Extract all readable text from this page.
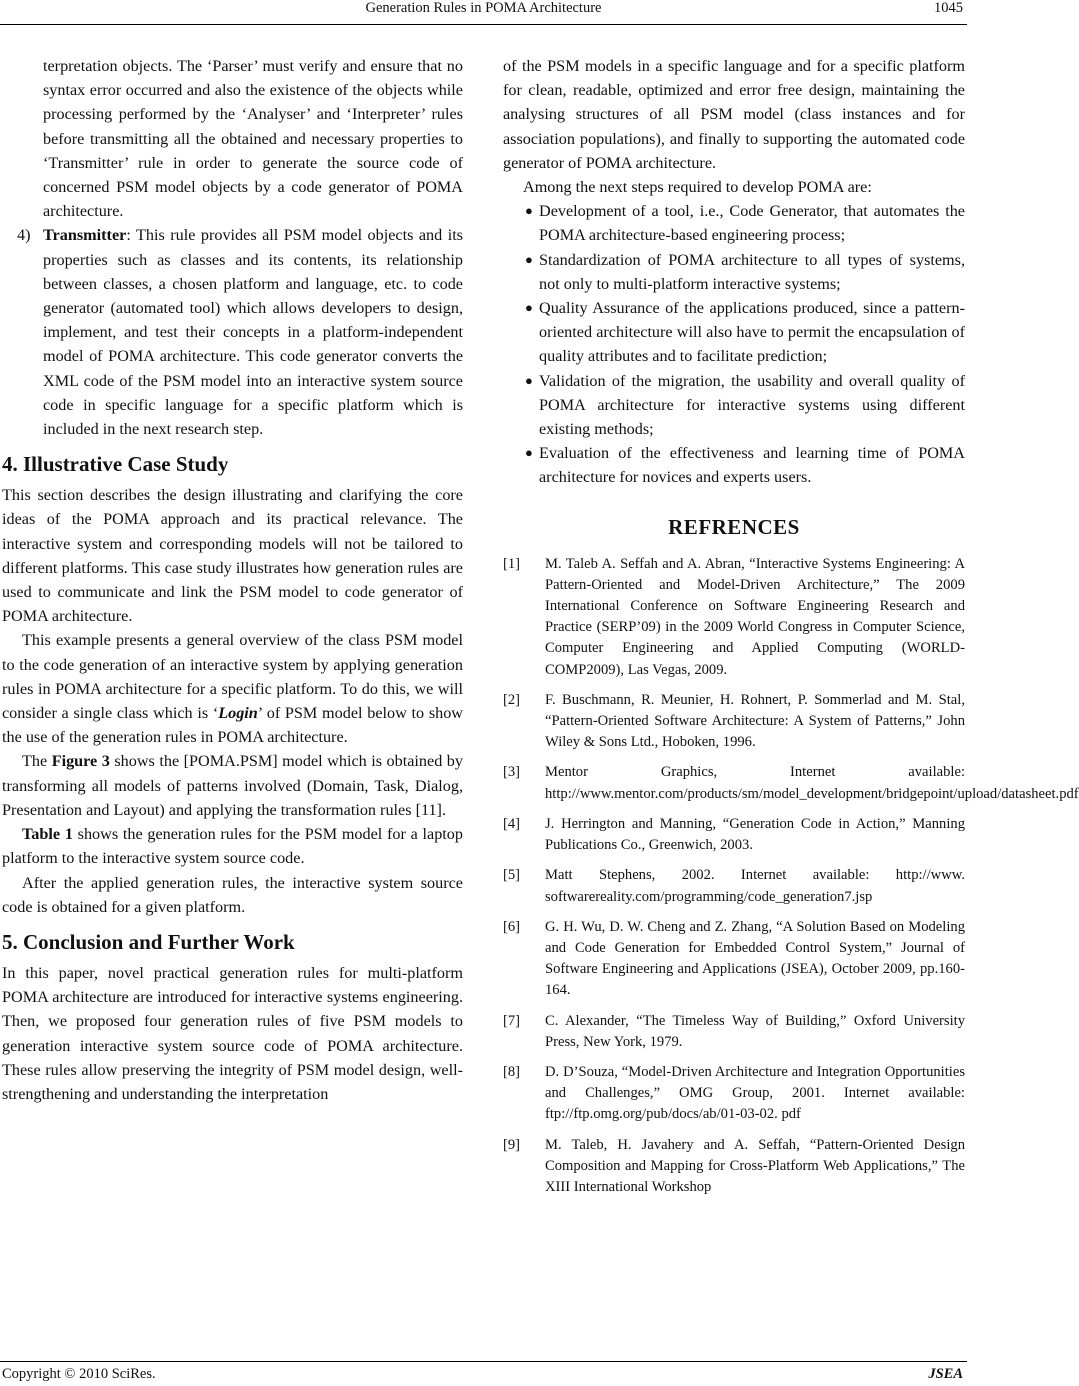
Generation Rules in POMA Architecture	1045

terpretation objects. The ‘Parser’ must verify and ensure that no syntax error occurred and also the existence of the objects while processing performed by the ‘Analyser’ and ‘Interpreter’ rules before transmitting all the obtained and necessary properties to ‘Transmitter’ rule in order to generate the source code of concerned PSM model objects by a code generator of POMA architecture.

4) Transmitter: This rule provides all PSM model objects and its properties such as classes and its contents, its relationship between classes, a chosen platform and language, etc. to code generator (automated tool) which allows developers to design, implement, and test their concepts in a platform-independent model of POMA architecture. This code generator converts the XML code of the PSM model into an interactive system source code in specific language for a specific platform which is included in the next research step.
4. Illustrative Case Study

This section describes the design illustrating and clarifying the core ideas of the POMA approach and its practical relevance. The interactive system and corresponding models will not be tailored to different platforms. This case study illustrates how generation rules are used to communicate and link the PSM model to code generator of POMA architecture.

This example presents a general overview of the class PSM model to the code generation of an interactive system by applying generation rules in POMA architecture for a specific platform. To do this, we will consider a single class which is ‘Login’ of PSM model below to show the use of the generation rules in POMA architecture.

The Figure 3 shows the [POMA.PSM] model which is obtained by transforming all models of patterns involved (Domain, Task, Dialog, Presentation and Layout) and applying the transformation rules [11].

Table 1 shows the generation rules for the PSM model for a laptop platform to the interactive system source code.

After the applied generation rules, the interactive system source code is obtained for a given platform.

5. Conclusion and Further Work

In this paper, novel practical generation rules for multi-platform POMA architecture are introduced for interactive systems engineering. Then, we proposed four generation rules of five PSM models to generation interactive system source code of POMA architecture. These rules allow preserving the integrity of PSM model design, well-strengthening and understanding the interpretation

of the PSM models in a specific language and for a specific platform for clean, readable, optimized and error free design, maintaining the analysing structures of all PSM model (class instances and for association populations), and finally to supporting the automated code generator of POMA architecture.

Among the next steps required to develop POMA are:

● Development of a tool, i.e., Code Generator, that automates the POMA architecture-based engineering process;
● Standardization of POMA architecture to all types of systems, not only to multi-platform interactive systems;
● Quality Assurance of the applications produced, since a pattern-oriented architecture will also have to permit the encapsulation of quality attributes and to facilitate prediction;
● Validation of the migration, the usability and overall quality of POMA architecture for interactive systems using different existing methods;
● Evaluation of the effectiveness and learning time of POMA architecture for novices and experts users.
REFRENCES
[1] M. Taleb A. Seffah and A. Abran, “Interactive Systems Engineering: A Pattern-Oriented and Model-Driven Architecture,” The 2009 International Conference on Software Engineering Research and Practice (SERP’09) in the 2009 World Congress in Computer Science, Computer Engineering and Applied Computing (WORLD-COMP2009), Las Vegas, 2009.
[2] F. Buschmann, R. Meunier, H. Rohnert, P. Sommerlad and M. Stal, “Pattern-Oriented Software Architecture: A System of Patterns,” John Wiley & Sons Ltd., Hoboken, 1996.
[3] Mentor Graphics, Internet available: http://www.mentor.com/products/sm/model_development/bridgepoint/upload/datasheet.pdf
[4] J. Herrington and Manning, “Generation Code in Action,” Manning Publications Co., Greenwich, 2003.
[5] Matt Stephens, 2002. Internet available: http://www. softwarereality.com/programming/code_generation7.jsp
[6] G. H. Wu, D. W. Cheng and Z. Zhang, “A Solution Based on Modeling and Code Generation for Embedded Control System,” Journal of Software Engineering and Applications (JSEA), October 2009, pp.160-164.
[7] C. Alexander, “The Timeless Way of Building,” Oxford University Press, New York, 1979.
[8] D. D’Souza, “Model-Driven Architecture and Integration Opportunities and Challenges,” OMG Group, 2001. Internet available: ftp://ftp.omg.org/pub/docs/ab/01-03-02. pdf
[9] M. Taleb, H. Javahery and A. Seffah, “Pattern-Oriented Design Composition and Mapping for Cross-Platform Web Applications,” The XIII International Workshop
Copyright © 2010 SciRes.	JSEA
